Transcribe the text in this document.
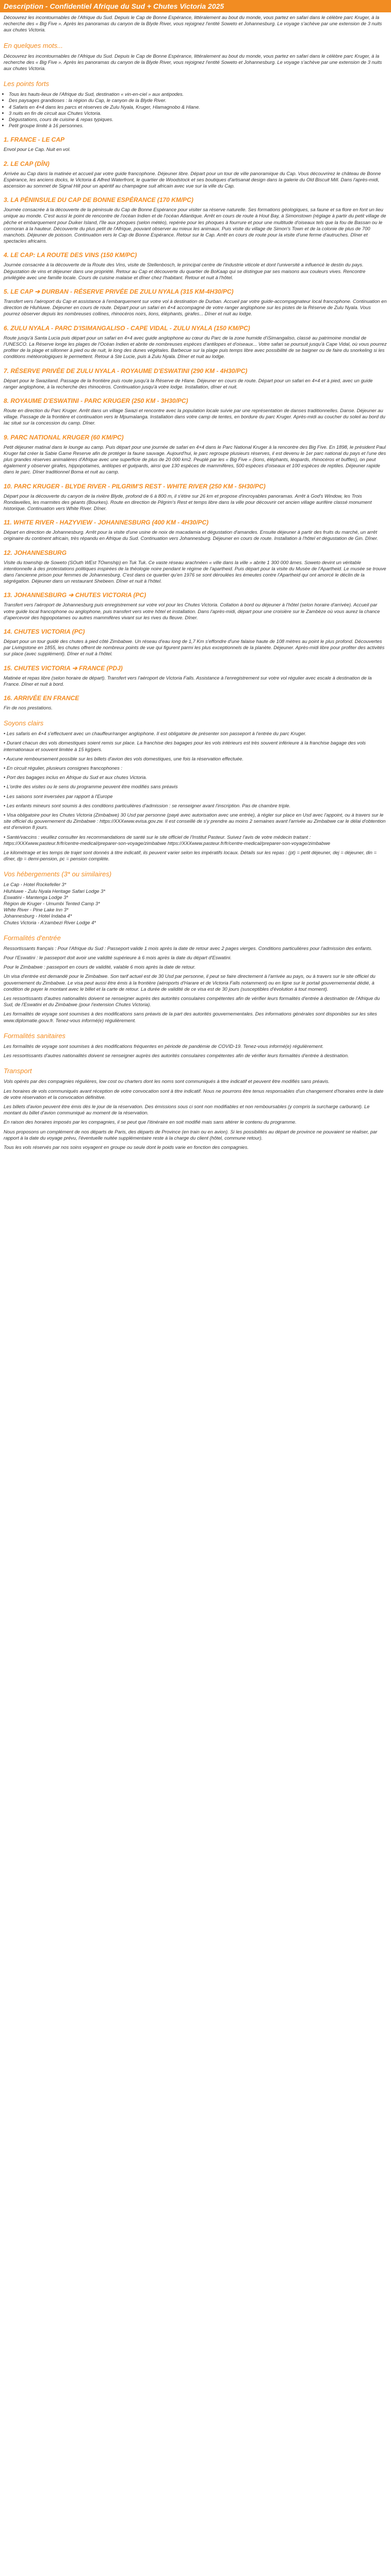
Description - Confidentiel Afrique du Sud + Chutes Victoria 2025

Découvrez les incontournables de l'Afrique du Sud. Depuis le Cap de Bonne Espérance, littéralement au bout du monde, vous partez en safari dans le célèbre parc Kruger, à la recherche des « Big Five ». Après les panoramas du canyon de la Blyde River, vous rejoignez l'entité Soweto et Johannesburg. Le voyage s'achève par une extension de 3 nuits aux chutes Victoria.

En quelques mots...

Découvrez les incontournables de l'Afrique du Sud. Depuis le Cap de Bonne Espérance, littéralement au bout du monde, vous partez en safari dans le célèbre parc Kruger, à la recherche des « Big Five ». Après les panoramas du canyon de la Blyde River, vous rejoignez l'entité Soweto et Johannesburg. Le voyage s'achève par une extension de 3 nuits aux chutes Victoria.

Les points forts
• Tous les hauts-lieux de l'Afrique du Sud, destination « vin-en-ciel » aux antipodes.
• Des paysages grandioses : la région du Cap, le canyon de la Blyde River.
• 4 Safaris en 4×4 dans les parcs et réserves de Zulu Nyala, Kruger, Hlamagnobo & Hlane.
• 3 nuits en fin de circuit aux Chutes Victoria.
• Dégustations, cours de cuisine & repas typiques.
• Petit groupe limité à 16 personnes.
1. FRANCE - LE CAP

Envol pour Le Cap. Nuit en vol.

2. LE CAP (DÎN)

Arrivée au Cap dans la matinée et accueil par votre guide francophone. Déjeuner libre. Départ pour un tour de ville panoramique du Cap. Vous découvrirez le château de Bonne Espérance, les anciens docks, le Victoria & Alfred Waterfront, le quartier de Woodstock et ses boutiques d'artisanat design dans la galerie du Old Biscuit Mill. Dans l'après-midi, ascension au sommet de Signal Hill pour un apéritif au champagne suit africain avec vue sur la ville du Cap.

3. LA PÉNINSULE DU CAP DE BONNE ESPÉRANCE (170 KM/PC)

Journée consacrée à la découverte de la péninsule du Cap de Bonne Espérance pour visiter sa réserve naturelle. Ses formations géologiques, sa faune et sa flore en font un lieu unique au monde. C'est aussi le point de rencontre de l'océan Indien et de l'océan Atlantique. Arrêt en cours de route à Hout Bay, à Simonstown (réglage à partir du petit village de pêche et embarquement pour Duiker Island, l'île aux phoques (selon météo), repérée pour les phoques à fourrure et pour une multitude d'oiseaux tels que la fou de Bassan ou le cormoran à la hauteur. Découverte du plus petit de l'Afrique, pouvant observer au mieux les animaux. Puis visite du village de Simon's Town et de la colonie de plus de 700 manchots. Déjeuner de poisson. Continuation vers le Cap de Bonne Espérance. Retour sur le Cap. Arrêt en cours de route pour la visite d'une ferme d'autruches. Dîner et spectacles africains.

4. LE CAP: LA ROUTE DES VINS (150 KM/PC)

Journée consacrée à la découverte de la Route des Vins, visite de Stellenbosch, le principal centre de l'industrie viticole et dont l'université a influencé le destin du pays. Dégustation de vins et déjeuner dans une propriété. Retour au Cap et découverte du quartier de BoKaap qui se distingue par ses maisons aux couleurs vives. Rencontre privilégiée avec une famille locale. Cours de cuisine malaise et dîner chez l'habitant. Retour et nuit à l'hôtel.

5. LE CAP ➔ DURBAN - RÉSERVE PRIVÉE DE ZULU NYALA (315 KM-4H30/PC)

Transfert vers l'aéroport du Cap et assistance à l'embarquement sur votre vol à destination de Durban. Accueil par votre guide-accompagnateur local francophone. Continuation en direction de Hluhluwe. Déjeuner en cours de route. Départ pour un safari en 4×4 accompagné de votre ranger anglophone sur les pistes de la Réserve de Zulu Nyala. Vous pourrez observer depuis les nombreuses collines, rhinocéros noirs, lions, éléphants, girafes... Dîner et nuit au lodge.

6. ZULU NYALA - PARC D'ISIMANGALISO - CAPE VIDAL - ZULU NYALA (150 KM/PC)

Route jusqu'à Santa Lucia puis départ pour un safari en 4×4 avec guide anglophone au cœur du Parc de la zone humide d'iSimangaliso, classé au patrimoine mondial de l'UNESCO. La Réserve longe les plages de l'Océan Indien et abrite de nombreuses espèces d'antilopes et d'oiseaux... Votre safari se poursuit jusqu'à Cape Vidal, où vous pourrez profiter de la plage et sillonner à pied ou de nuit, le long des dunes végétales. Barbecue sur la plage puis temps libre avec possibilité de se baigner ou de faire du snorkeling si les conditions météorologiques le permettent. Retour à Ste Lucie, puis à Zulu Nyala. Dîner et nuit au lodge.

7. RÉSERVE PRIVÉE DE ZULU NYALA - ROYAUME D'ESWATINI (290 KM - 4H30/PC)

Départ pour le Swaziland. Passage de la frontière puis route jusqu'à la Réserve de Hlane. Déjeuner en cours de route. Départ pour un safari en 4×4 et à pied, avec un guide ranger anglophone, à la recherche des rhinocéros. Continuation jusqu'à votre lodge. Installation, dîner et nuit.

8. ROYAUME D'ESWATINI - PARC KRUGER (250 KM - 3H30/PC)

Route en direction du Parc Kruger. Arrêt dans un village Swazi et rencontre avec la population locale suivie par une représentation de danses traditionnelles. Danse. Déjeuner au village. Passage de la frontière et continuation vers le Mpumalanga. Installation dans votre camp de tentes, en bordure du parc Kruger. Après-midi au coucher du soleil au bord du lac situé sur la concession du camp. Dîner.

9. PARC NATIONAL KRUGER (60 KM/PC)

Petit déjeuner matinal dans le lounge au camp. Puis départ pour une journée de safari en 4×4 dans le Parc National Kruger à la rencontre des Big Five. En 1898, le président Paul Kruger fait créer la Sabie Game Reserve afin de protéger la faune sauvage. Aujourd'hui, le parc regroupe plusieurs réserves, il est devenu le 1er parc national du pays et l'une des plus grandes réserves animalières d'Afrique avec une superficie de plus de 20 000 km2. Peuplé par les « Big Five » (lions, éléphants, léopards, rhinocéros et buffles), on peut également y observer girafes, hippopotames, antilopes et guépards, ainsi que 130 espèces de mammifères, 500 espèces d'oiseaux et 100 espèces de reptiles. Déjeuner rapide dans le parc. Dîner traditionnel Boma et nuit au camp.

10. PARC KRUGER - BLYDE RIVER - PILGRIM'S REST - WHITE RIVER (250 KM - 5H30/PC)

Départ pour la découverte du canyon de la rivière Blyde, profond de 6 à 800 m, il s'étire sur 26 km et propose d'incroyables panoramas. Arrêt à God's Window, les Trois Rondavelles, les marmites des géants (Bourkes). Route en direction de Pilgrim's Rest et temps libre dans la ville pour découvrir cet ancien village aurifère classé monument historique. Continuation vers White River. Dîner.

11. WHITE RIVER - HAZYVIEW - JOHANNESBURG (400 KM - 4H30/PC)

Départ en direction de Johannesburg. Arrêt pour la visite d'une usine de noix de macadamia et dégustation d'amandes. Ensuite déjeuner à partir des fruits du marché, un arrêt originaire du continent africain, très répandu en Afrique du Sud. Continuation vers Johannesburg. Déjeuner en cours de route. Installation à l'hôtel et dégustation de Gin. Dîner.

12. JOHANNESBURG

Visite du township de Soweto (SOuth WEst TOwnship) en Tuk Tuk. Ce vaste réseau arachnéen « ville dans la ville » abrite 1 300 000 âmes. Soweto devint un véritable intentionnelle à des protestations politiques inspirées de la théologie noire pendant le régime de l'apartheid. Puis départ pour la visite du Musée de l'Apartheid. Le musée se trouve dans l'ancienne prison pour femmes de Johannesburg. C'est dans ce quartier qu'en 1976 se sont déroulées les émeutes contre l'Apartheid qui ont amorcé le déclin de la ségrégation. Déjeuner dans un restaurant Shebeen. Dîner et nuit à l'hôtel.

13. JOHANNESBURG ➔ CHUTES VICTORIA (PC)

Transfert vers l'aéroport de Johannesburg puis enregistrement sur votre vol pour les Chutes Victoria. Collation à bord ou déjeuner à l'hôtel (selon horaire d'arrivée). Accueil par votre guide local francophone ou anglophone, puis transfert vers votre hôtel et installation. Dans l'après-midi, départ pour une croisière sur le Zambèze où vous aurez la chance d'apercevoir des hippopotames ou autres mammifères vivant sur les rives du fleuve. Dîner.

14. CHUTES VICTORIA (PC)

Départ pour un tour guidé des chutes à pied côté Zimbabwe. Un réseau d'eau long de 1,7 Km s'effondre d'une falaise haute de 108 mètres au point le plus profond. Découvertes par Livingstone en 1855, les chutes offrent de nombreux points de vue qui figurent parmi les plus exceptionnels de la planète. Déjeuner. Après-midi libre pour profiter des activités sur place (avec supplément). Dîner et nuit à l'hôtel.

15. CHUTES VICTORIA ➔ FRANCE (PDJ)

Matinée et repas libre (selon horaire de départ). Transfert vers l'aéroport de Victoria Falls. Assistance à l'enregistrement sur votre vol régulier avec escale à destination de la France. Dîner et nuit à bord.

16. ARRIVÉE EN FRANCE

Fin de nos prestations.

Soyons clairs

• Les safaris en 4×4 s'effectuent avec un chauffeur/ranger anglophone. Il est obligatoire de présenter son passeport à l'entrée du parc Kruger.

• Durant chacun des vols domestiques soient remis sur place. La franchise des bagages pour les vols intérieurs est très souvent inférieure à la franchise bagage des vols internationaux et souvent limitée à 15 kg/pers.

• Aucune remboursement possible sur les billets d'avion des vols domestiques, une fois la réservation effectuée.

• En circuit régulier, plusieurs consignes francophones :

• Port des bagages inclus en Afrique du Sud et aux chutes Victoria.

• L'ordre des visites ou le sens du programme peuvent être modifiés sans préavis

• Les saisons sont inversées par rapport à l'Europe

• Les enfants mineurs sont soumis à des conditions particulières d'admission : se renseigner avant l'inscription. Pas de chambre triple.

• Visa obligatoire pour les Chutes Victoria (Zimbabwe) 30 Usd par personne (payé avec autorisation avec une entrée), à régler sur place en Usd avec l'appoint, ou à travers sur le site officiel du gouvernement du Zimbabwe : https://XXXwww.evisa.gov.zw. Il est conseillé de s'y prendre au moins 2 semaines avant l'arrivée au Zimbabwe car le délai d'obtention est d'environ 8 jours.

• Santé/vaccins : veuillez consulter les recommandations de santé sur le site officiel de l'Institut Pasteur. Suivez l'avis de votre médecin traitant : https://XXXwww.pasteur.fr/fr/centre-medical/preparer-son-voyage/zimbabwe https://XXXwww.pasteur.fr/fr/centre-medical/preparer-son-voyage/zimbabwe

Le kilométrage et les temps de trajet sont donnés à titre indicatif, ils peuvent varier selon les impératifs locaux. Détails sur les repas : (pt) = petit déjeuner, dej = déjeuner, din = dîner, dp = demi-pension, pc = pension complète.

Vos hébergements (3* ou similaires)

Le Cap - Hotel Rockefeller 3*

Hluhluwe - Zulu Nyala Heritage Safari Lodge 3*

Eswatini - Mantenga Lodge 3*

Région de Kruger - Umumbi Tented Camp 3*

White River - Pine Lake Inn 3*

Johannesburg - Hotel Indaba 4*

Chutes Victoria - A'zambezi River Lodge 4*

Formalités d'entrée

Ressortissants français : Pour l'Afrique du Sud : Passeport valide 1 mois après la date de retour avec 2 pages vierges. Conditions particulières pour l'admission des enfants.

Pour l'Eswatini : le passeport doit avoir une validité supérieure à 6 mois après la date du départ d'Eswatini.

Pour le Zimbabwe : passeport en cours de validité, valable 6 mois après la date de retour.

Un visa d'entrée est demandé pour le Zimbabwe. Son tarif actuel est de 30 Usd par personne, il peut se faire directement à l'arrivée au pays, ou à travers sur le site officiel du gouvernement du Zimbabwe. Le visa peut aussi être émis à la frontière (aéroports d'Harare et de Victoria Falls notamment) ou en ligne sur le portail gouvernemental dédié, à condition de payer le montant avec le billet et la carte de retour. La durée de validité de ce visa est de 30 jours (susceptibles d'évolution à tout moment).

Les ressortissants d'autres nationalités doivent se renseigner auprès des autorités consulaires compétentes afin de vérifier leurs formalités d'entrée à destination de l'Afrique du Sud, de l'Eswatini et du Zimbabwe (pour l'extension Chutes Victoria).

Les formalités de voyage sont soumises à des modifications sans préavis de la part des autorités gouvernementales. Des informations générales sont disponibles sur les sites www.diplomatie.gouv.fr. Tenez-vous informé(e) régulièrement.

Formalités sanitaires

Les formalités de voyage sont soumises à des modifications fréquentes en période de pandémie de COVID-19. Tenez-vous informé(e) régulièrement.

Les ressortissants d'autres nationalités doivent se renseigner auprès des autorités consulaires compétentes afin de vérifier leurs formalités d'entrée à destination.

Transport

Vols opérés par des compagnies régulières, low cost ou charters dont les noms sont communiqués à titre indicatif et peuvent être modifiés sans préavis.

Les horaires de vols communiqués avant réception de votre convocation sont à titre indicatif. Nous ne pourrons être tenus responsables d'un changement d'horaires entre la date de votre réservation et la convocation définitive.

Les billets d'avion peuvent être émis dès le jour de la réservation. Des émissions sous ci sont non modifiables et non remboursables (y compris la surcharge carburant). Le montant du billet d'avion communiqué au moment de la réservation.

En raison des horaires imposés par les compagnies, il se peut que l'itinéraire en soit modifié mais sans altérer le contenu du programme.

Nous proposons un complément de nos départs de Paris, des départs de Province (en train ou en avion). Si les possibilités au départ de province ne pouvaient se réaliser, par rapport à la date du voyage prévu, l'éventuelle nuitée supplémentaire reste à la charge du client (hôtel, commune retour).

Tous les vols réservés par nos soins voyagent en groupe ou seule dont le poids varie en fonction des compagnies.
